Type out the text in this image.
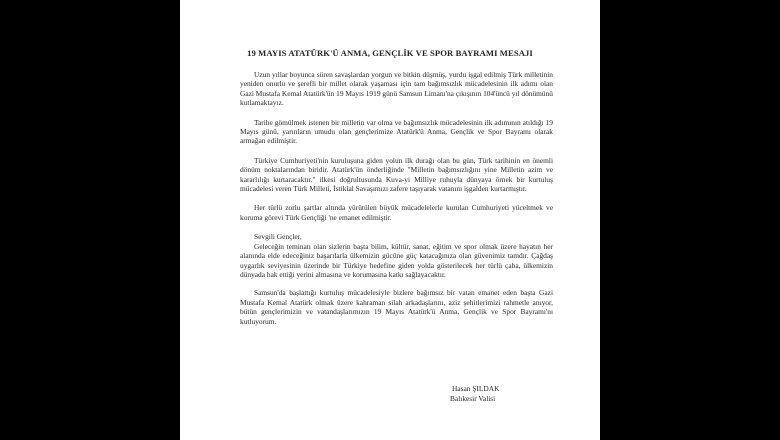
19 MAYIS ATATÜRK'Ü ANMA, GENÇLİK VE SPOR BAYRAMI MESAJI

Uzun yıllar boyunca süren savaşlardan yorgun ve bitkin düşmüş, yurdu işgal edilmiş Türk milletinin yeniden onurlu ve şerefli bir millet olarak yaşaması için tam bağımsızlık mücadelesinin ilk adımı olan Gazi Mustafa Kemal Atatürk'ün 19 Mayıs 1919 günü Samsun Limanı'na çıkışının 104'üncü yıl dönümünü kutlamaktayız.

Tarihe gömülmek istenen bir milletin var olma ve bağımsızlık mücadelesinin ilk adımının atıldığı 19 Mayıs günü, yarınların umudu olan gençlerimize Atatürk'ü Anma, Gençlik ve Spor Bayramı olarak armağan edilmiştir.

Türkiye Cumhuriyeti'nin kuruluşuna giden yolun ilk durağı olan bu gün, Türk tarihinin en önemli dönüm noktalarından biridir. Atatürk'ün önderliğinde "Milletin bağımsızlığını yine Milletin azim ve kararlılığı kurtaracaktır." ilkesi doğrultusunda Kuva-yi Milliye ruhuyla dünyaya örnek bir kurtuluş mücadelesi veren Türk Milleti, İstiklal Savaşımızı zafere taşıyarak vatanını işgalden kurtarmıştır.

Her türlü zorlu şartlar altında yürütülen büyük mücadelelerle kurulan Cumhuriyeti yüceltmek ve koruma görevi Türk Gençliği 'ne emanet edilmiştir.

Sevgili Gençler,

Geleceğin teminatı olan sizlerin başta bilim, kültür, sanat, eğitim ve spor olmak üzere hayatın her alanında elde edeceğiniz başarılarla ülkemizin gücüne güç katacağınıza olan güvenimiz tamdır. Çağdaş uygarlık seviyesinin üzerinde bir Türkiye hedefine giden yolda gösterilecek her türlü çaba, ülkemizin dünyada hak ettiği yerini almasına ve korumasına katkı sağlayacaktır.

Samsun'da başlattığı kurtuluş mücadelesiyle bizlere bağımsız bir vatan emanet eden başta Gazi Mustafa Kemal Atatürk olmak üzere kahraman silah arkadaşlarını, aziz şehitlerimizi rahmetle anıyor, bütün gençlerimizin ve vatandaşlarımızın 19 Mayıs Atatürk'ü Anma, Gençlik ve Spor Bayramı'nı kutluyorum.

Hasan ŞILDAK
Balıkesir Valisi
